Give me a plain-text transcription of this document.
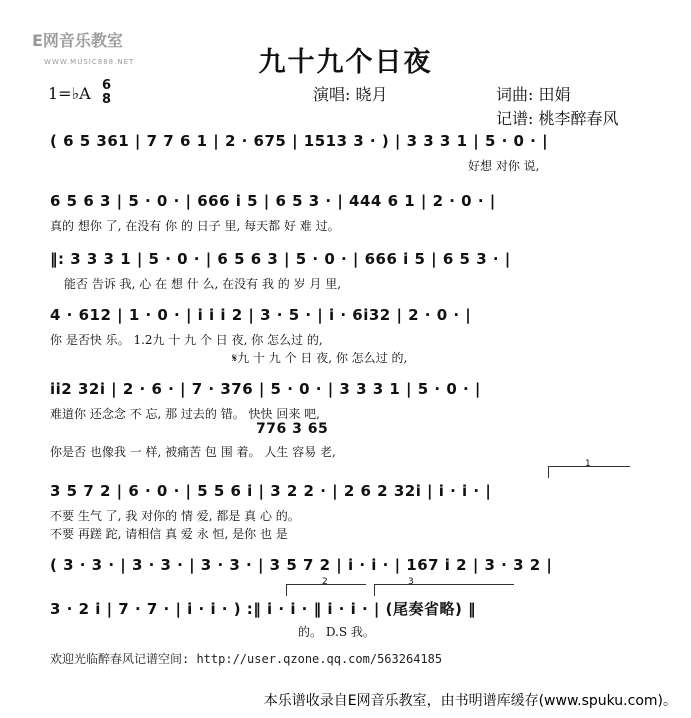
E网音乐教室
WWW.MUSIC888.NET	九十九个日夜
1=♭A 6
8	演唱: 晓月	词曲: 田娟
记谱: 桃李醉春风
( 6 5 361 | 7 7 6 1 | 2 · 675 | 1513 3 · ) | 3 3 3 1 | 5 · 0 · |
好想 对你 说,
6 5 6 3 | 5 · 0 · | 666 i 5 | 6 5 3 · | 444 6 1 | 2 · 0 · |
真的 想你 了, 在没有 你 的 日子 里, 每天都 好 难 过。
‖: 3 3 3 1 | 5 · 0 · | 6 5 6 3 | 5 · 0 · | 666 i 5 | 6 5 3 · |
能否 告诉 我, 心 在 想 什 么, 在没有 我 的 岁 月 里,
4 · 612 | 1 · 0 · | i i i 2 | 3 · 5 · | i · 6i32 | 2 · 0 · |
你 是否快 乐。 1.2九 十 九 个 日 夜, 你 怎么过 的,
𝄋九 十 九 个 日 夜, 你 怎么过 的,
ii2 32i | 2 · 6 · | 7 · 376 | 5 · 0 · | 3 3 3 1 | 5 · 0 · |
难道你 还念念 不 忘, 那 过去的 错。 快快 回来 吧,
776 3 65
你是否 也像我 一 样, 被痛苦 包 围 着。 人生 容易 老,
1
3 5 7 2 | 6 · 0 · | 5 5 6 i | 3 2 2 · | 2 6 2 32i | i · i · |
不要 生气 了, 我 对你的 情 爱, 都是 真 心 的。
不要 再蹉 跎, 请相信 真 爱 永 恒, 是你 也 是
( 3 · 3 · | 3 · 3 · | 3 · 3 · | 3 5 7 2 | i · i · | 167 i 2 | 3 · 3 2 |
2	3
3 · 2 i | 7 · 7 · | i · i · ) :‖ i · i · ‖ i · i · | (尾奏省略) ‖
的。 D.S 我。
欢迎光临醉春风记谱空间: http://user.qzone.qq.com/563264185
本乐谱收录自E网音乐教室，由书明谱库缓存(www.spuku.com)。
